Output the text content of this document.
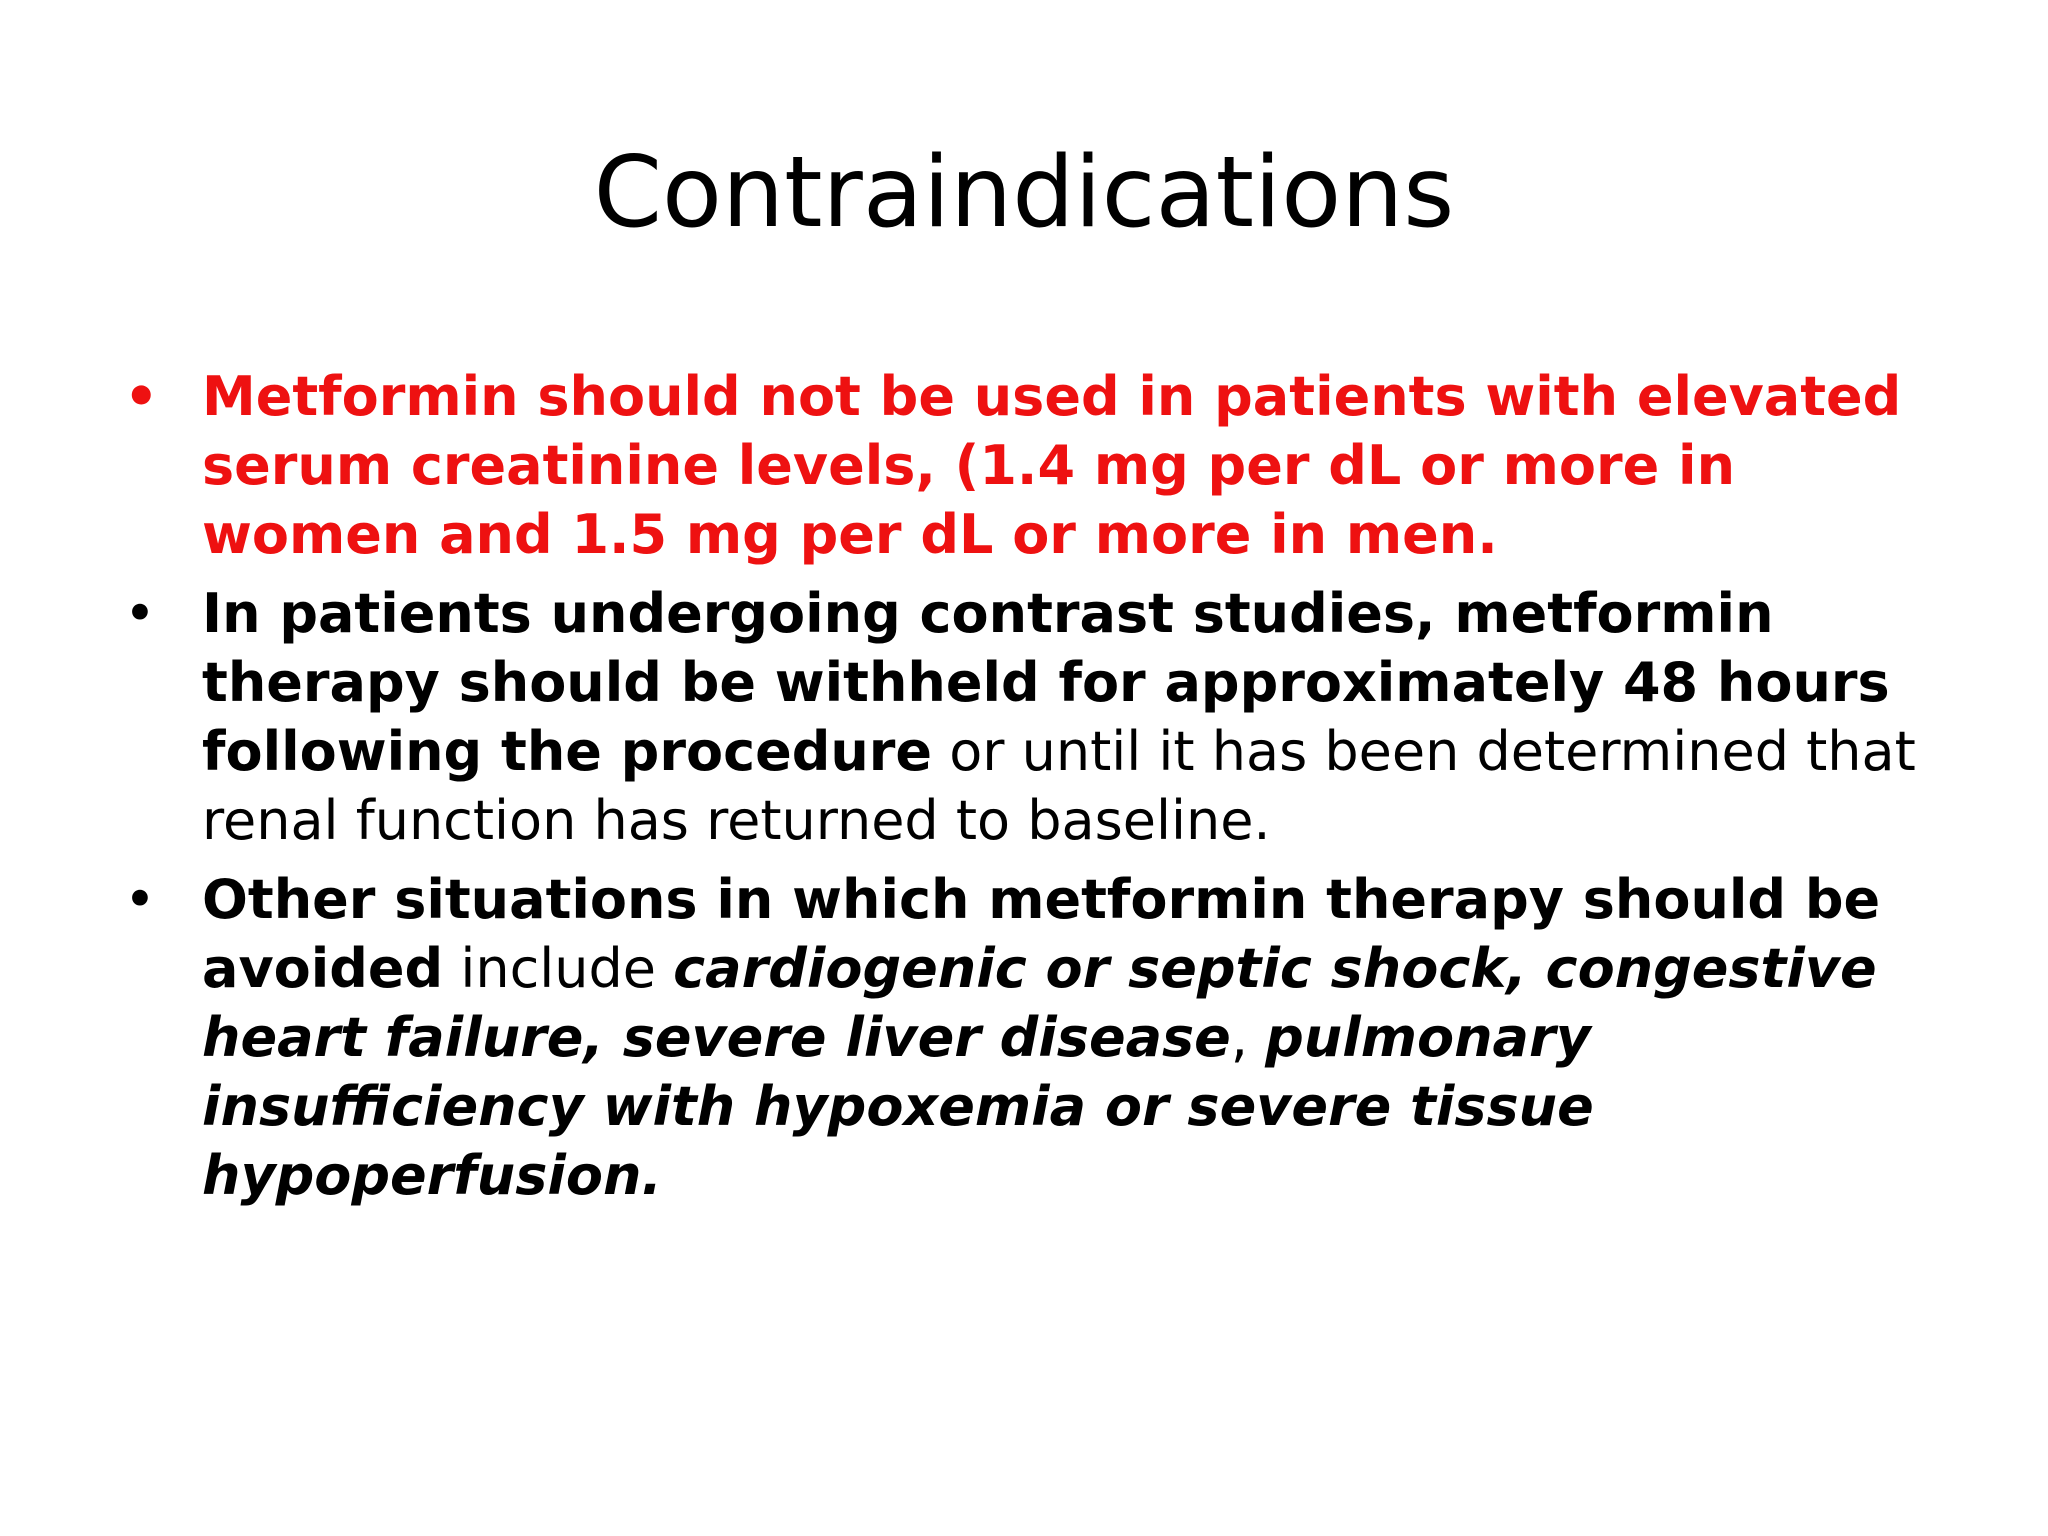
Contraindications
• Metformin should not be used in patients with elevated serum creatinine levels, (1.4 mg per dL or more in women and 1.5 mg per dL or more in men.
• In patients undergoing contrast studies, metformin therapy should be withheld for approximately 48 hours following the procedure or until it has been determined that renal function has returned to baseline.
• Other situations in which metformin therapy should be avoided include cardiogenic or septic shock, congestive heart failure, severe liver disease, pulmonary insufficiency with hypoxemia or severe tissue hypoperfusion.
